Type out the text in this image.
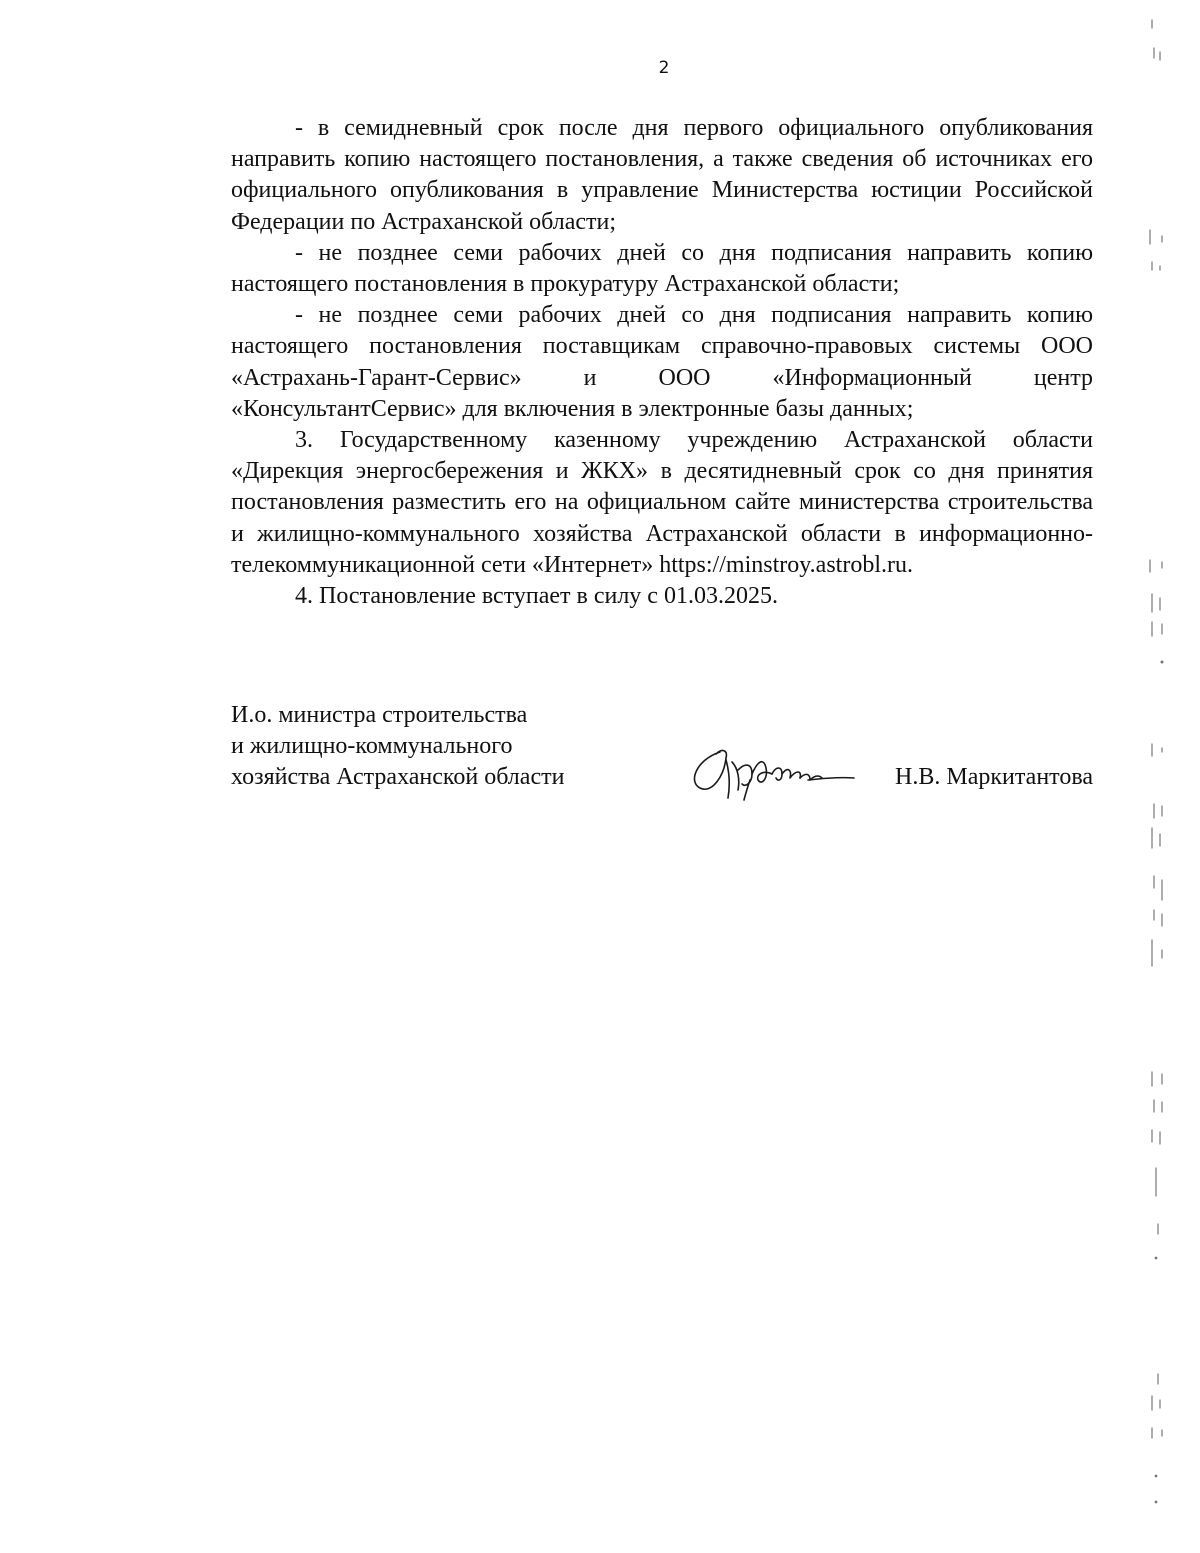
2

- в семидневный срок после дня первого официального опубликования направить копию настоящего постановления, а также сведения об источниках его официального опубликования в управление Министерства юстиции Российской Федерации по Астраханской области;

- не позднее семи рабочих дней со дня подписания направить копию настоящего постановления в прокуратуру Астраханской области;

- не позднее семи рабочих дней со дня подписания направить копию настоящего постановления поставщикам справочно-правовых системы ООО «Астрахань-Гарант-Сервис» и ООО «Информационный центр «КонсультантСервис» для включения в электронные базы данных;

3. Государственному казенному учреждению Астраханской области «Дирекция энергосбережения и ЖКХ» в десятидневный срок со дня принятия постановления разместить его на официальном сайте министерства строительства и жилищно-коммунального хозяйства Астраханской области в информационно-телекоммуникационной сети «Интернет» https://minstroy.astrobl.ru.

4. Постановление вступает в силу с 01.03.2025.

И.о. министра строительства
и жилищно-коммунального
хозяйства Астраханской области	Н.В. Маркитантова
